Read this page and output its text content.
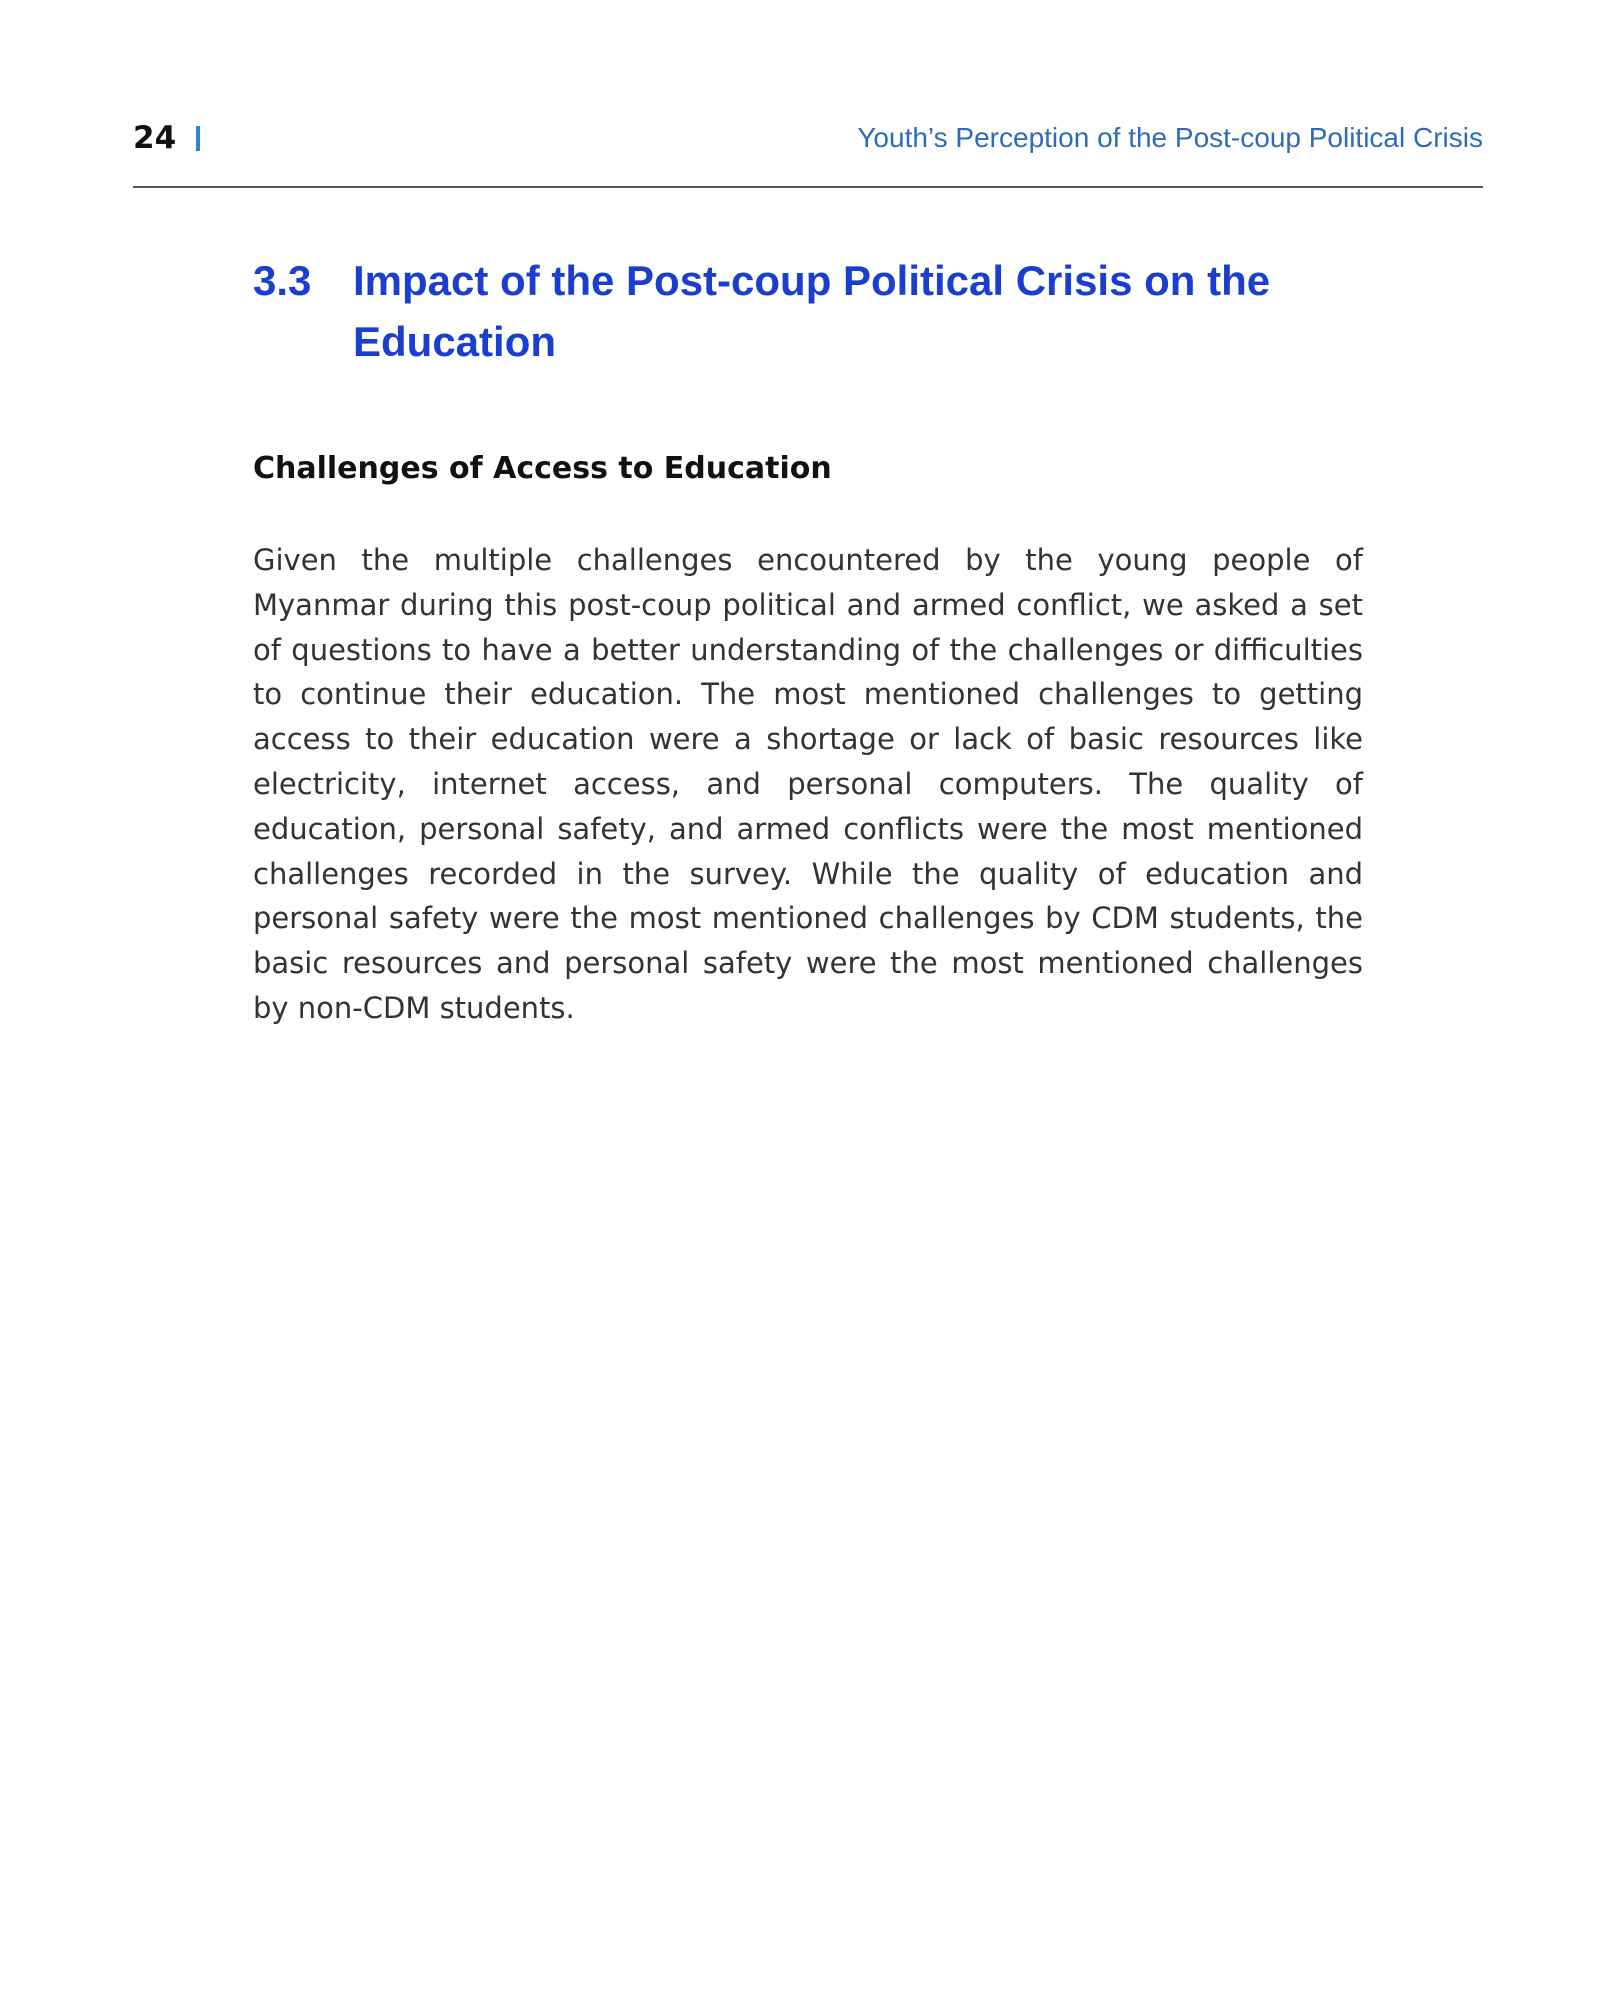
24	Youth’s Perception of the Post-coup Political Crisis
3.3 Impact of the Post-coup Political Crisis on the Education
Challenges of Access to Education

Given the multiple challenges encountered by the young people of Myanmar during this post-coup political and armed conflict, we asked a set of questions to have a better understanding of the challenges or difficulties to continue their education. The most mentioned challenges to getting access to their education were a shortage or lack of basic resources like electricity, internet access, and personal computers. The quality of education, personal safety, and armed conflicts were the most mentioned challenges recorded in the survey. While the quality of education and personal safety were the most mentioned challenges by CDM students, the basic resources and personal safety were the most mentioned challenges by non-CDM students.
